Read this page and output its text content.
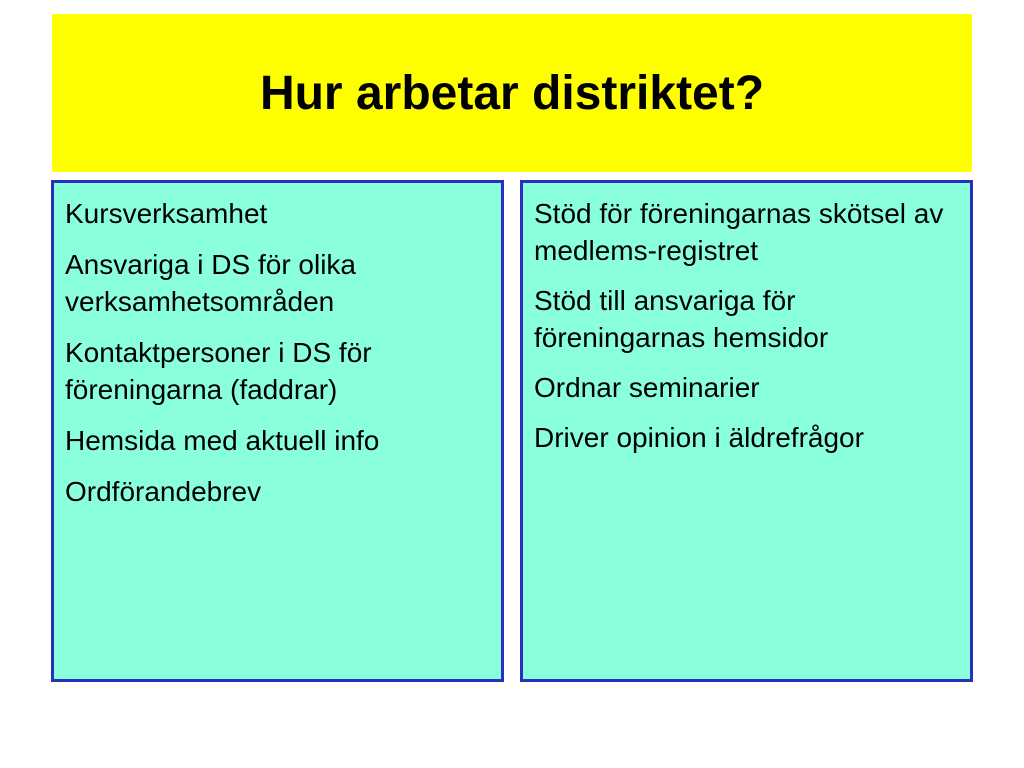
Hur arbetar distriktet?

Kursverksamhet

Ansvariga i DS för olika verksamhetsområden

Kontaktpersoner i DS för föreningarna (faddrar)

Hemsida med aktuell info

Ordförandebrev

Stöd för föreningarnas skötsel av medlems-registret

Stöd till ansvariga för föreningarnas hemsidor

Ordnar seminarier

Driver opinion i äldrefrågor
